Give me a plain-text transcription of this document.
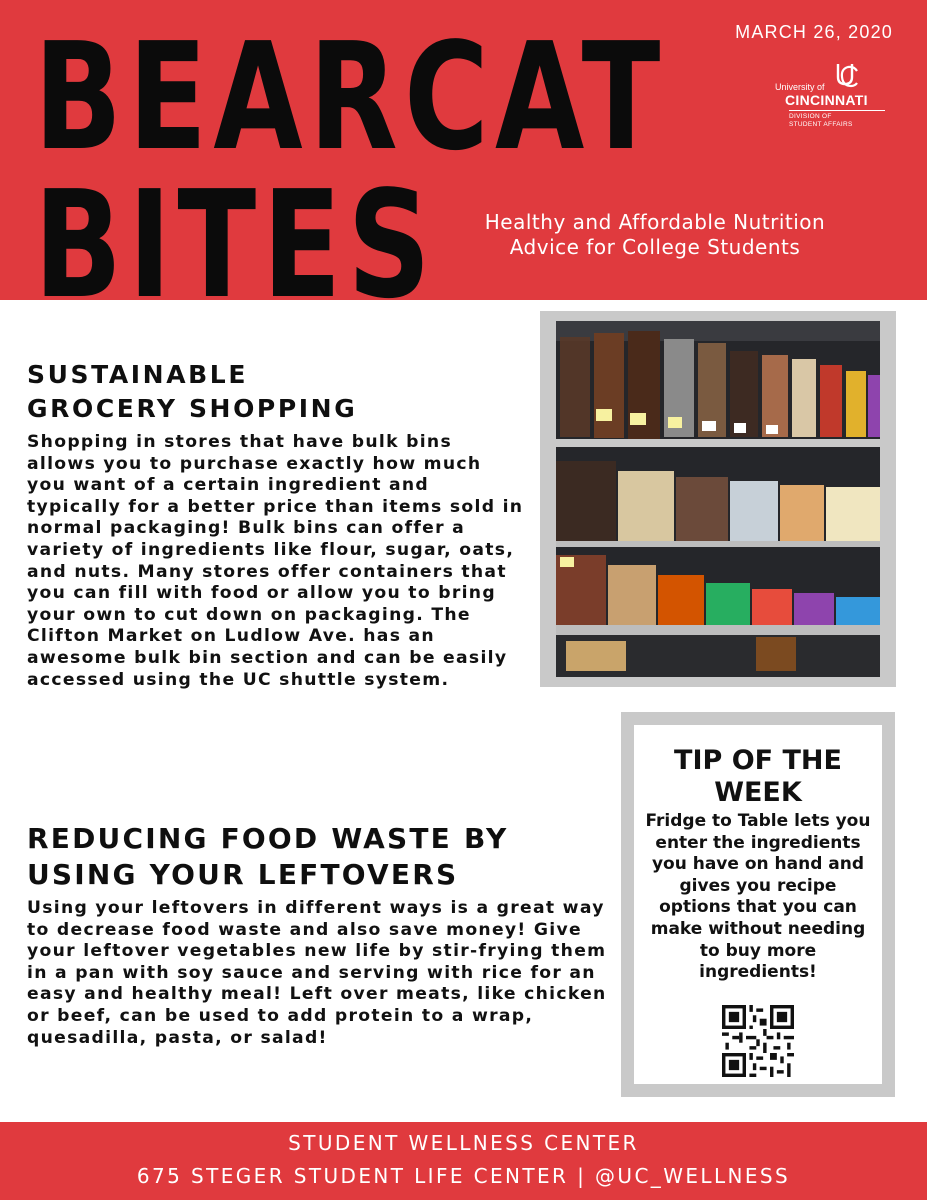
BEARCAT
BITES
MARCH 26, 2020
University of
CINCINNATI
DIVISION OF
STUDENT AFFAIRS
Healthy and Affordable Nutrition
Advice for College Students
SUSTAINABLE
GROCERY SHOPPING

Shopping in stores that have bulk bins allows you to purchase exactly how much you want of a certain ingredient and typically for a better price than items sold in normal packaging! Bulk bins can offer a variety of ingredients like flour, sugar, oats, and nuts. Many stores offer containers that you can fill with food or allow you to bring your own to cut down on packaging. The Clifton Market on Ludlow Ave. has an awesome bulk bin section and can be easily accessed using the UC shuttle system.

REDUCING FOOD WASTE BY
USING YOUR LEFTOVERS

Using your leftovers in different ways is a great way to decrease food waste and also save money! Give your leftover vegetables new life by stir-frying them in a pan with soy sauce and serving with rice for an easy and healthy meal! Left over meats, like chicken or beef, can be used to add protein to a wrap, quesadilla, pasta, or salad!

TIP OF THE
WEEK
Fridge to Table lets you enter the ingredients you have on hand and gives you recipe options that you can make without needing to buy more ingredients!
STUDENT WELLNESS CENTER
675 STEGER STUDENT LIFE CENTER | @UC_WELLNESS
